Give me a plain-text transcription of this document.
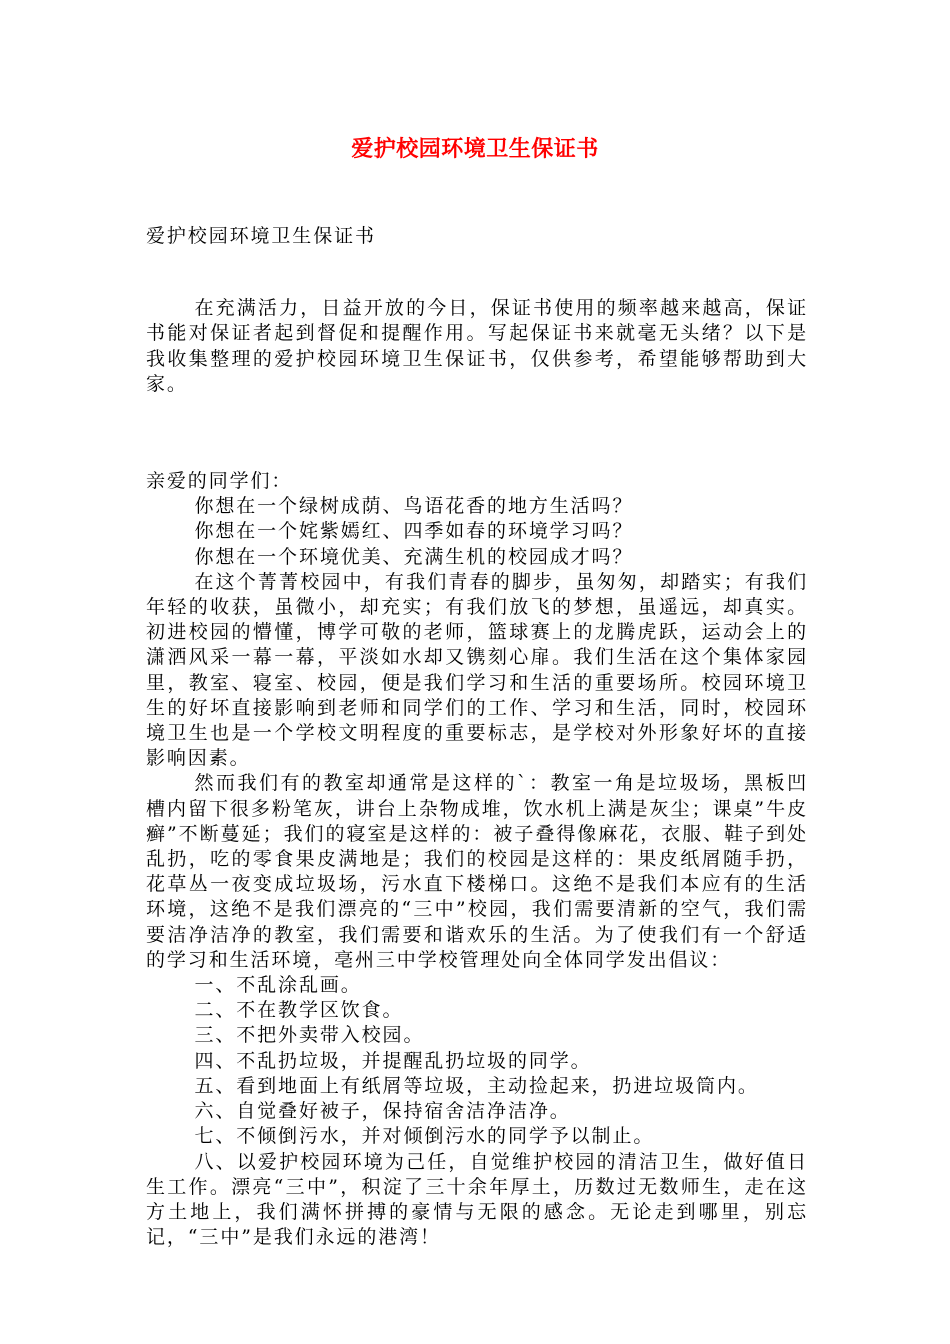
爱护校园环境卫生保证书

爱护校园环境卫生保证书

在充满活力，日益开放的今日，保证书使用的频率越来越高，保证书能对保证者起到督促和提醒作用。写起保证书来就毫无头绪？以下是我收集整理的爱护校园环境卫生保证书，仅供参考，希望能够帮助到大家。

亲爱的同学们：

你想在一个绿树成荫、鸟语花香的地方生活吗？

你想在一个姹紫嫣红、四季如春的环境学习吗？

你想在一个环境优美、充满生机的校园成才吗？

在这个菁菁校园中，有我们青春的脚步，虽匆匆，却踏实；有我们年轻的收获，虽微小，却充实；有我们放飞的梦想，虽遥远，却真实。初进校园的懵懂，博学可敬的老师，篮球赛上的龙腾虎跃，运动会上的潇洒风采一幕一幕，平淡如水却又镌刻心扉。我们生活在这个集体家园里，教室、寝室、校园，便是我们学习和生活的重要场所。校园环境卫生的好坏直接影响到老师和同学们的工作、学习和生活，同时，校园环境卫生也是一个学校文明程度的重要标志，是学校对外形象好坏的直接影响因素。

然而我们有的教室却通常是这样的`：教室一角是垃圾场，黑板凹槽内留下很多粉笔灰，讲台上杂物成堆，饮水机上满是灰尘；课桌”牛皮癣”不断蔓延；我们的寝室是这样的：被子叠得像麻花，衣服、鞋子到处乱扔，吃的零食果皮满地是；我们的校园是这样的：果皮纸屑随手扔，花草丛一夜变成垃圾场，污水直下楼梯口。这绝不是我们本应有的生活环境，这绝不是我们漂亮的“三中”校园，我们需要清新的空气，我们需要洁净洁净的教室，我们需要和谐欢乐的生活。为了使我们有一个舒适的学习和生活环境，亳州三中学校管理处向全体同学发出倡议：

一、不乱涂乱画。

二、不在教学区饮食。

三、不把外卖带入校园。

四、不乱扔垃圾，并提醒乱扔垃圾的同学。

五、看到地面上有纸屑等垃圾，主动捡起来，扔进垃圾筒内。

六、自觉叠好被子，保持宿舍洁净洁净。

七、不倾倒污水，并对倾倒污水的同学予以制止。

八、以爱护校园环境为己任，自觉维护校园的清洁卫生，做好值日生工作。漂亮“三中”，积淀了三十余年厚土，历数过无数师生，走在这方土地上，我们满怀拼搏的豪情与无限的感念。无论走到哪里，别忘记，“三中”是我们永远的港湾！
